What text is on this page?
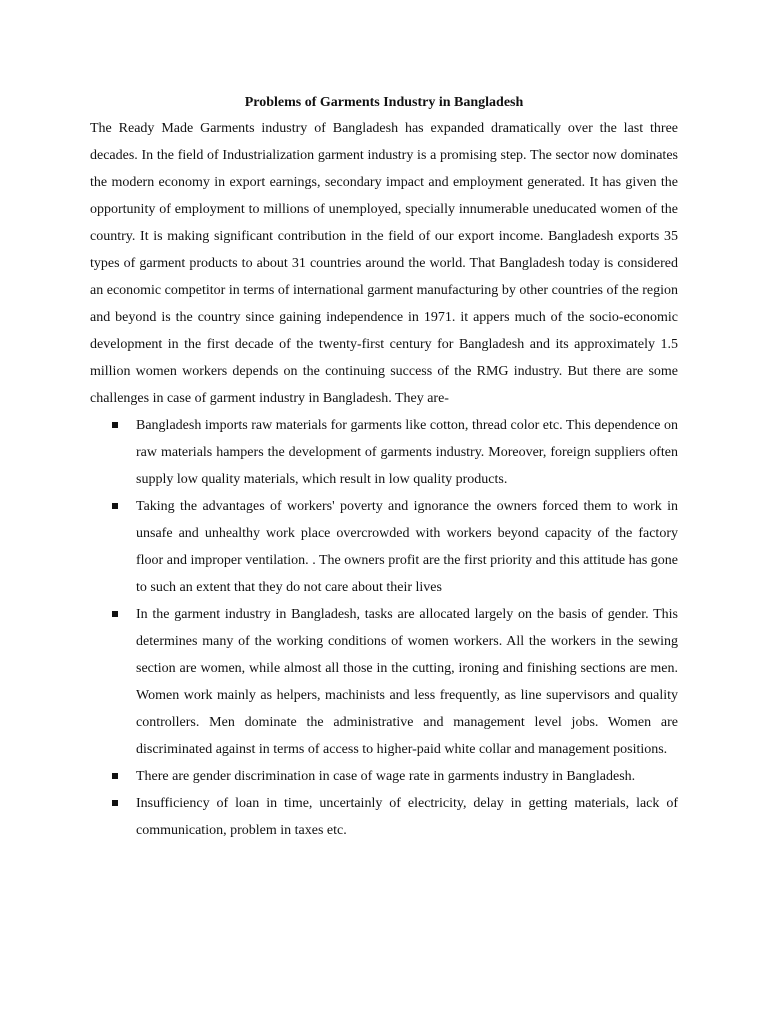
Problems of Garments Industry in Bangladesh

The Ready Made Garments industry of Bangladesh has expanded dramatically over the last three decades. In the field of Industrialization garment industry is a promising step. The sector now dominates the modern economy in export earnings, secondary impact and employment generated. It has given the opportunity of employment to millions of unemployed, specially innumerable uneducated women of the country. It is making significant contribution in the field of our export income. Bangladesh exports 35 types of garment products to about 31 countries around the world. That Bangladesh today is considered an economic competitor in terms of international garment manufacturing by other countries of the region and beyond is the country since gaining independence in 1971. it appers much of the socio-economic development in the first decade of the twenty-first century for Bangladesh and its approximately 1.5 million women workers depends on the continuing success of the RMG industry. But there are some challenges in case of garment industry in Bangladesh. They are-

Bangladesh imports raw materials for garments like cotton, thread color etc. This dependence on raw materials hampers the development of garments industry. Moreover, foreign suppliers often supply low quality materials, which result in low quality products.
Taking the advantages of workers' poverty and ignorance the owners forced them to work in unsafe and unhealthy work place overcrowded with workers beyond capacity of the factory floor and improper ventilation. . The owners profit are the first priority and this attitude has gone to such an extent that they do not care about their lives
In the garment industry in Bangladesh, tasks are allocated largely on the basis of gender. This determines many of the working conditions of women workers. All the workers in the sewing section are women, while almost all those in the cutting, ironing and finishing sections are men. Women work mainly as helpers, machinists and less frequently, as line supervisors and quality controllers. Men dominate the administrative and management level jobs. Women are discriminated against in terms of access to higher-paid white collar and management positions.
There are gender discrimination in case of wage rate in garments industry in Bangladesh.
Insufficiency of loan in time, uncertainly of electricity, delay in getting materials, lack of communication, problem in taxes etc.
